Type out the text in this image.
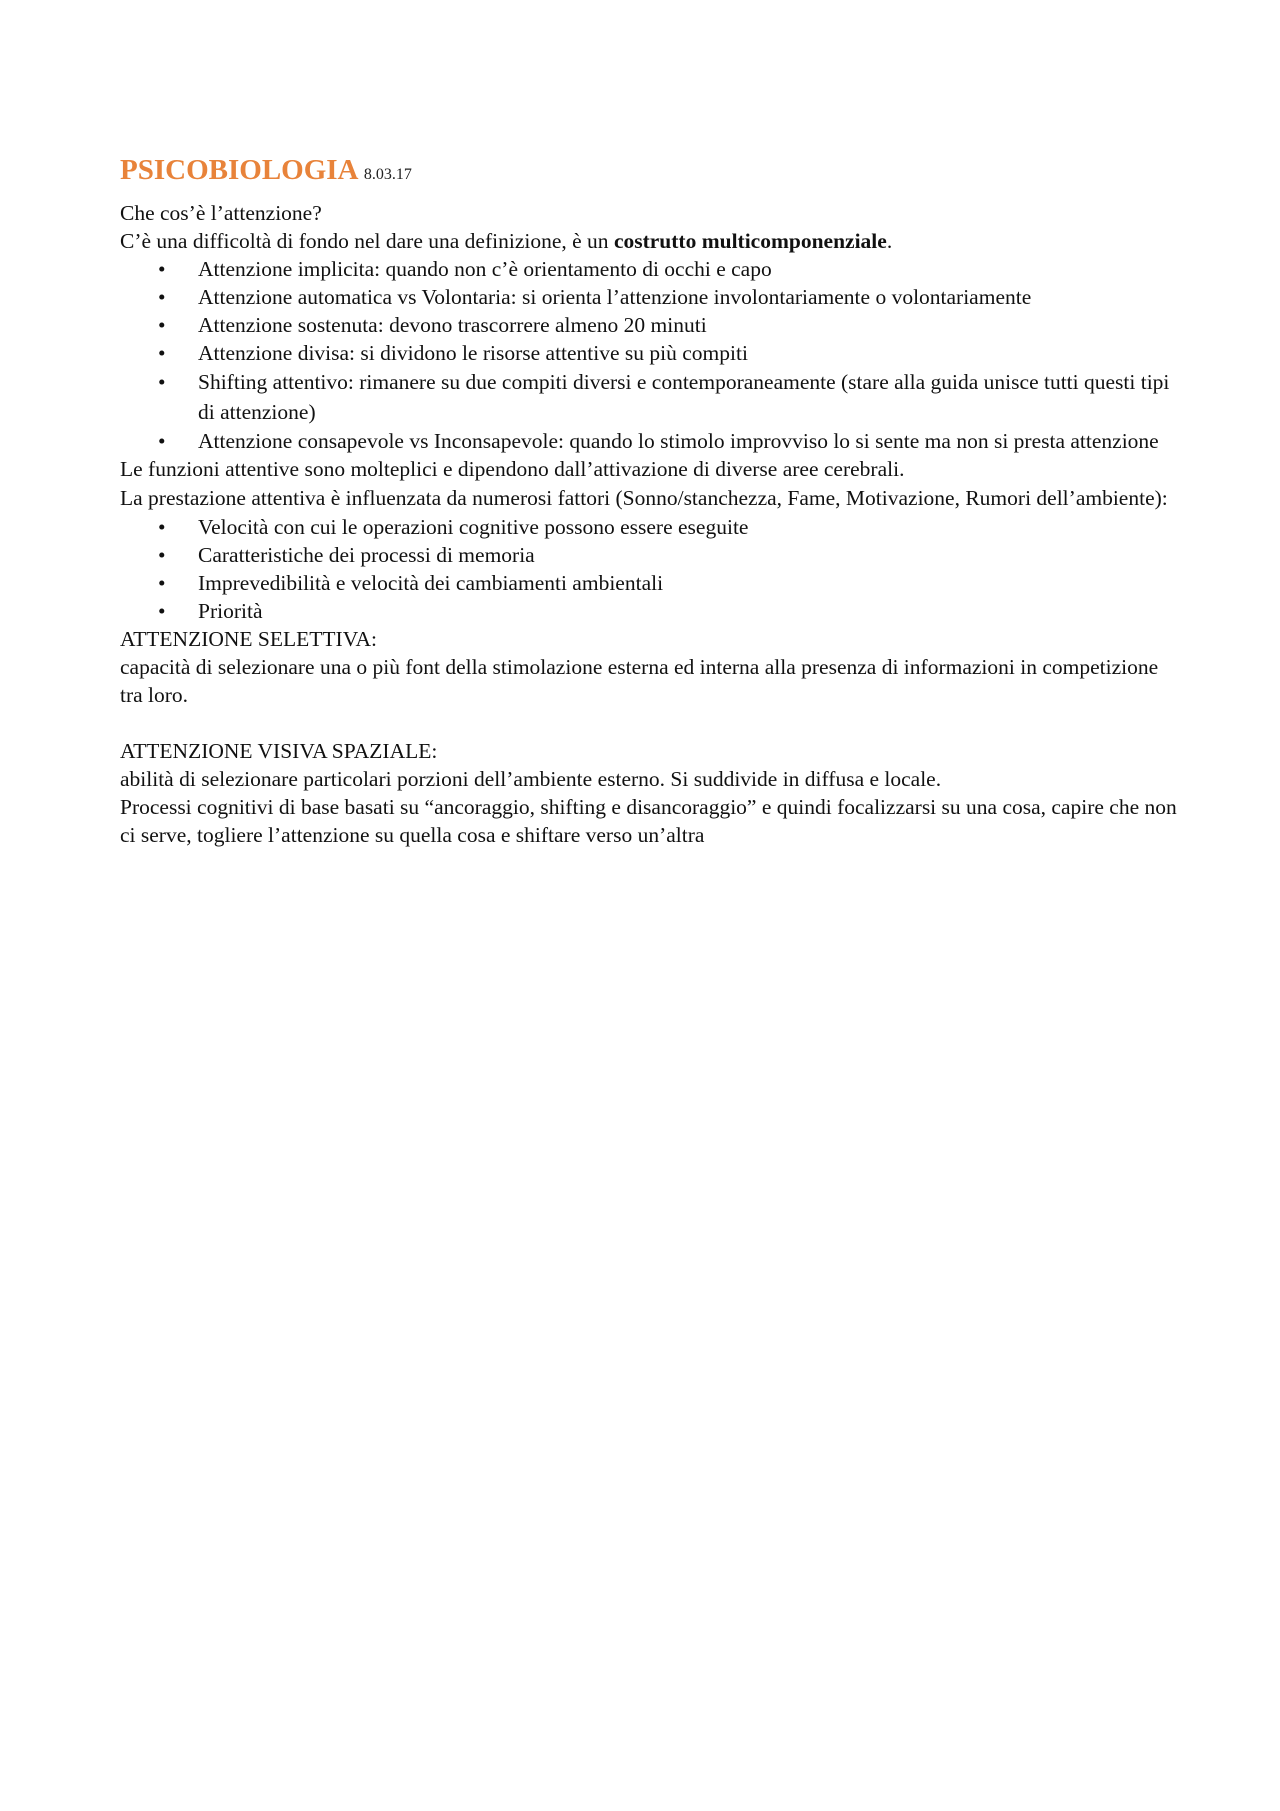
PSICOBIOLOGIA 8.03.17

Che cos’è l’attenzione?

C’è una difficoltà di fondo nel dare una definizione, è un costrutto multicomponenziale.

• Attenzione implicita: quando non c’è orientamento di occhi e capo
• Attenzione automatica vs Volontaria: si orienta l’attenzione involontariamente o volontariamente
• Attenzione sostenuta: devono trascorrere almeno 20 minuti
• Attenzione divisa: si dividono le risorse attentive su più compiti
• Shifting attentivo: rimanere su due compiti diversi e contemporaneamente (stare alla guida unisce tutti questi tipi di attenzione)
• Attenzione consapevole vs Inconsapevole: quando lo stimolo improvviso lo si sente ma non si presta attenzione

Le funzioni attentive sono molteplici e dipendono dall’attivazione di diverse aree cerebrali.

La prestazione attentiva è influenzata da numerosi fattori (Sonno/stanchezza, Fame, Motivazione, Rumori dell’ambiente):

• Velocità con cui le operazioni cognitive possono essere eseguite
• Caratteristiche dei processi di memoria
• Imprevedibilità e velocità dei cambiamenti ambientali
• Priorità

ATTENZIONE SELETTIVA:

capacità di selezionare una o più font della stimolazione esterna ed interna alla presenza di informazioni in competizione tra loro.

ATTENZIONE VISIVA SPAZIALE:

abilità di selezionare particolari porzioni dell’ambiente esterno. Si suddivide in diffusa e locale.

Processi cognitivi di base basati su “ancoraggio, shifting e disancoraggio” e quindi focalizzarsi su una cosa, capire che non ci serve, togliere l’attenzione su quella cosa e shiftare verso un’altra
